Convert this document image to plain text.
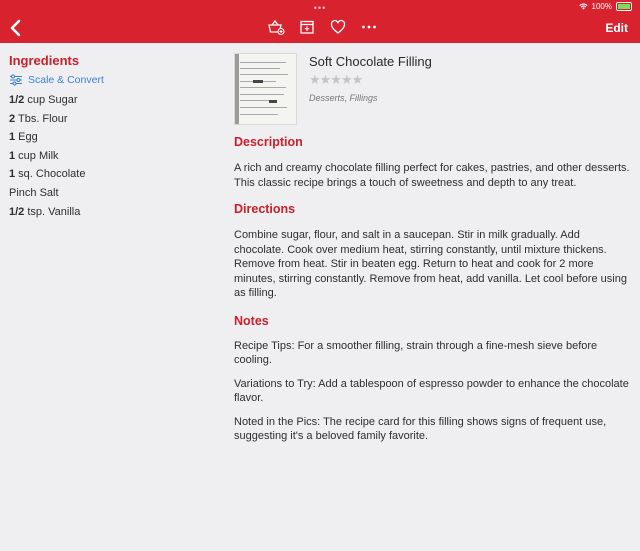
•••	100%
Edit
Ingredients
Scale & Convert
1/2 cup Sugar
2 Tbs. Flour
1 Egg
1 cup Milk
1 sq. Chocolate
Pinch Salt
1/2 tsp. Vanilla
Soft Chocolate Filling
★★★★★
Desserts, Fillings
Description
A rich and creamy chocolate filling perfect for cakes, pastries, and other desserts. This classic recipe brings a touch of sweetness and depth to any treat.
Directions
Combine sugar, flour, and salt in a saucepan. Stir in milk gradually. Add chocolate. Cook over medium heat, stirring constantly, until mixture thickens. Remove from heat. Stir in beaten egg. Return to heat and cook for 2 more minutes, stirring constantly. Remove from heat, add vanilla. Let cool before using as filling.
Notes
Recipe Tips: For a smoother filling, strain through a fine-mesh sieve before cooling.
Variations to Try: Add a tablespoon of espresso powder to enhance the chocolate flavor.
Noted in the Pics: The recipe card for this filling shows signs of frequent use, suggesting it's a beloved family favorite.
